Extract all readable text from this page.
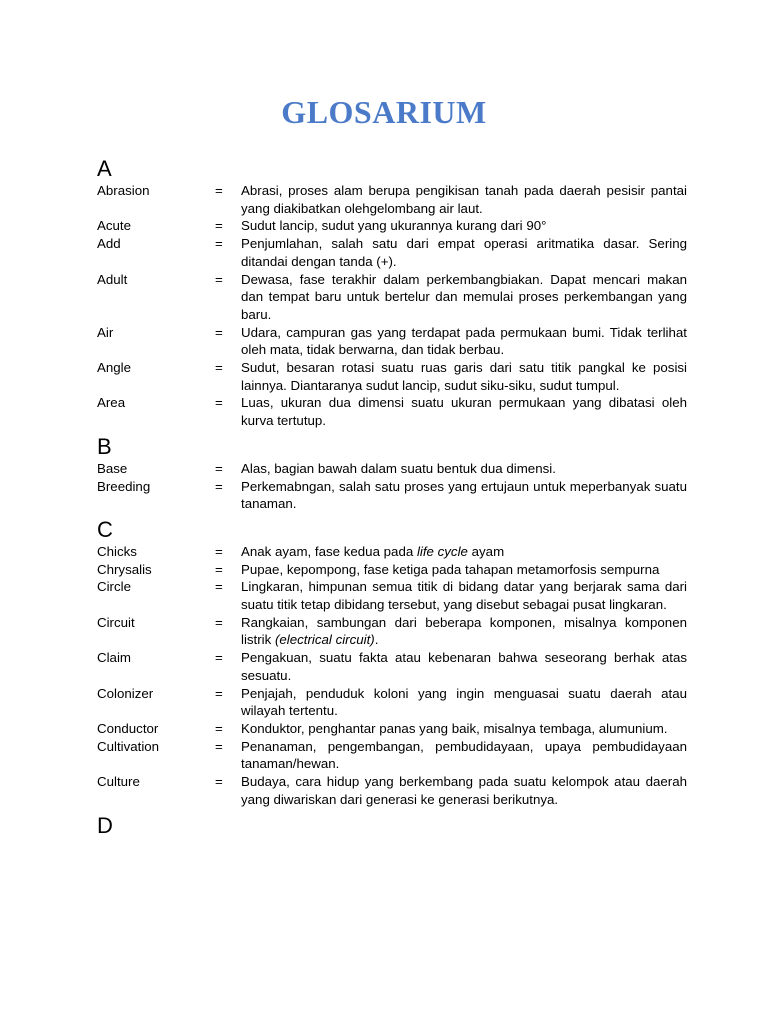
GLOSARIUM
A
Abrasion	=	Abrasi, proses alam berupa pengikisan tanah pada daerah pesisir pantai yang diakibatkan olehgelombang air laut.
Acute	=	Sudut lancip, sudut yang ukurannya kurang dari 90°
Add	=	Penjumlahan, salah satu dari empat operasi aritmatika dasar. Sering ditandai dengan tanda (+).
Adult	=	Dewasa, fase terakhir dalam perkembangbiakan. Dapat mencari makan dan tempat baru untuk bertelur dan memulai proses perkembangan yang baru.
Air	=	Udara, campuran gas yang terdapat pada permukaan bumi. Tidak terlihat oleh mata, tidak berwarna, dan tidak berbau.
Angle	=	Sudut, besaran rotasi suatu ruas garis dari satu titik pangkal ke posisi lainnya. Diantaranya sudut lancip, sudut siku-siku, sudut tumpul.
Area	=	Luas, ukuran dua dimensi suatu ukuran permukaan yang dibatasi oleh kurva tertutup.
B
Base	=	Alas, bagian bawah dalam suatu bentuk dua dimensi.
Breeding	=	Perkemabngan, salah satu proses yang ertujaun untuk meperbanyak suatu tanaman.
C
Chicks	=	Anak ayam, fase kedua pada life cycle ayam
Chrysalis	=	Pupae, kepompong, fase ketiga pada tahapan metamorfosis sempurna
Circle	=	Lingkaran, himpunan semua titik di bidang datar yang berjarak sama dari suatu titik tetap dibidang tersebut, yang disebut sebagai pusat lingkaran.
Circuit	=	Rangkaian, sambungan dari beberapa komponen, misalnya komponen listrik (electrical circuit).
Claim	=	Pengakuan, suatu fakta atau kebenaran bahwa seseorang berhak atas sesuatu.
Colonizer	=	Penjajah, penduduk koloni yang ingin menguasai suatu daerah atau wilayah tertentu.
Conductor	=	Konduktor, penghantar panas yang baik, misalnya tembaga, alumunium.
Cultivation	=	Penanaman, pengembangan, pembudidayaan, upaya pembudidayaan tanaman/hewan.
Culture	=	Budaya, cara hidup yang berkembang pada suatu kelompok atau daerah yang diwariskan dari generasi ke generasi berikutnya.
D
